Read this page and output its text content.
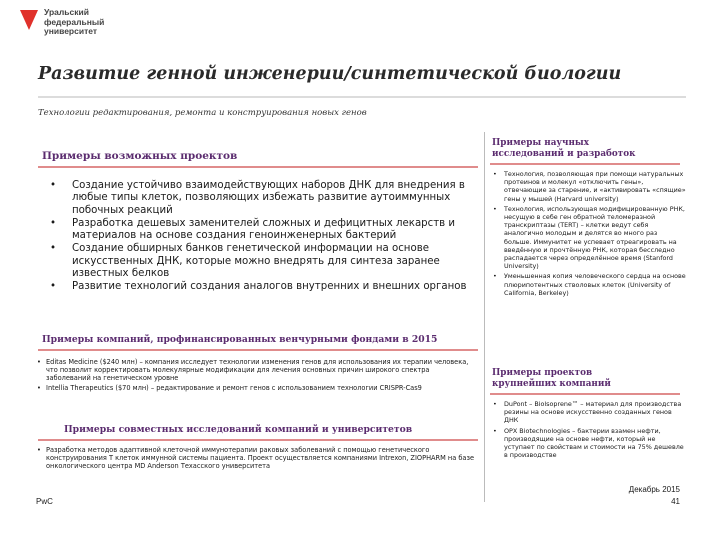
Уральский
федеральный
университет
Развитие генной инженерии/синтетической биологии
Технологии редактирования, ремонта и конструирования новых генов
Примеры возможных проектов
• Создание устойчиво взаимодействующих наборов ДНК для внедрения в любые типы клеток, позволяющих избежать развитие аутоиммунных побочных реакций
• Разработка дешевых заменителей сложных и дефицитных лекарств и материалов на основе создания геноинженерных бактерий
• Создание обширных банков генетической информации на основе искусственных ДНК, которые можно внедрять для синтеза заранее известных белков
• Развитие технологий создания аналогов внутренних и внешних органов
Примеры компаний, профинансированных венчурными фондами в 2015
• Editas Medicine ($240 млн) – компания исследует технологии изменения генов для использования их терапии человека, что позволит корректировать молекулярные модификации для лечения основных причин широкого спектра заболеваний на генетическом уровне
• Intellia Therapeutics ($70 млн) – редактирование и ремонт генов с использованием технологии CRISPR-Cas9
Примеры совместных исследований компаний и университетов
• Разработка методов адаптивной клеточной иммунотерапии раковых заболеваний с помощью генетического конструирования T клеток иммунной системы пациента. Проект осуществляется компаниями Intrexon, ZIOPHARM на базе онкологического центра MD Anderson Техасского университета
Примеры научных
исследований и разработок
• Технология, позволяющая при помощи натуральных протеинов и молекул «отключить гены», отвечающие за старение, и «активировать «спящие» гены у мышей (Harvard university)
• Технология, использующая модифицированную РНК, несущую в себе ген обратной теломеразной транскриптазы (TERT) – клетки ведут себя аналогично молодым и делятся во много раз больше. Иммунитет не успевает отреагировать на введённую и прочтённую РНК, которая бесследно распадается через определённое время (Stanford University)
• Уменьшенная копия человеческого сердца на основе плюрипотентных стволовых клеток (University of California, Berkeley)
Примеры проектов
крупнейших компаний
• DuPont – Biolsoprene™ – материал для производства резины на основе искусственно созданных генов ДНК
• OPX Biotechnologies – бактерии взамен нефти, производящие на основе нефти, который не уступает по свойствам и стоимости на 75% дешевле в производстве
PwC
Декабрь 2015
41
